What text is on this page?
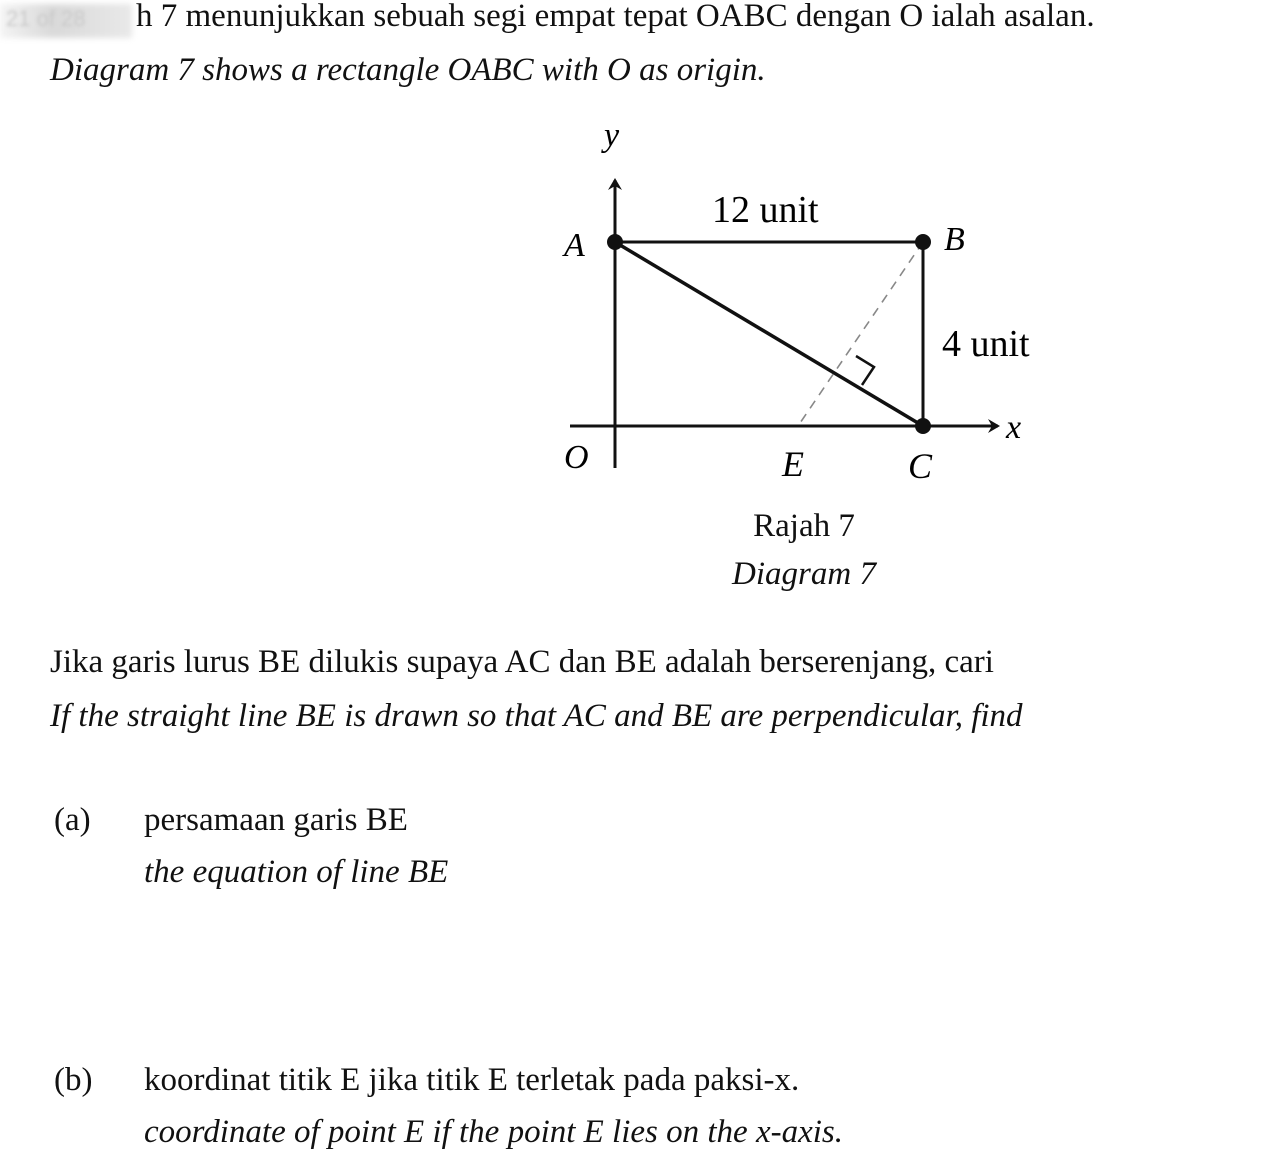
21 of 28 h 7 menunjukkan sebuah segi empat tepat OABC dengan O ialah asalan.
Diagram 7 shows a rectangle OABC with O as origin.
y
x
A	B
C
O	E
12 unit
4 unit
Rajah 7
Diagram 7
Jika garis lurus BE dilukis supaya AC dan BE adalah berserenjang, cari
If the straight line BE is drawn so that AC and BE are perpendicular, find
(a) persamaan garis BE
the equation of line BE
(b) koordinat titik E jika titik E terletak pada paksi-x.
coordinate of point E if the point E lies on the x-axis.
